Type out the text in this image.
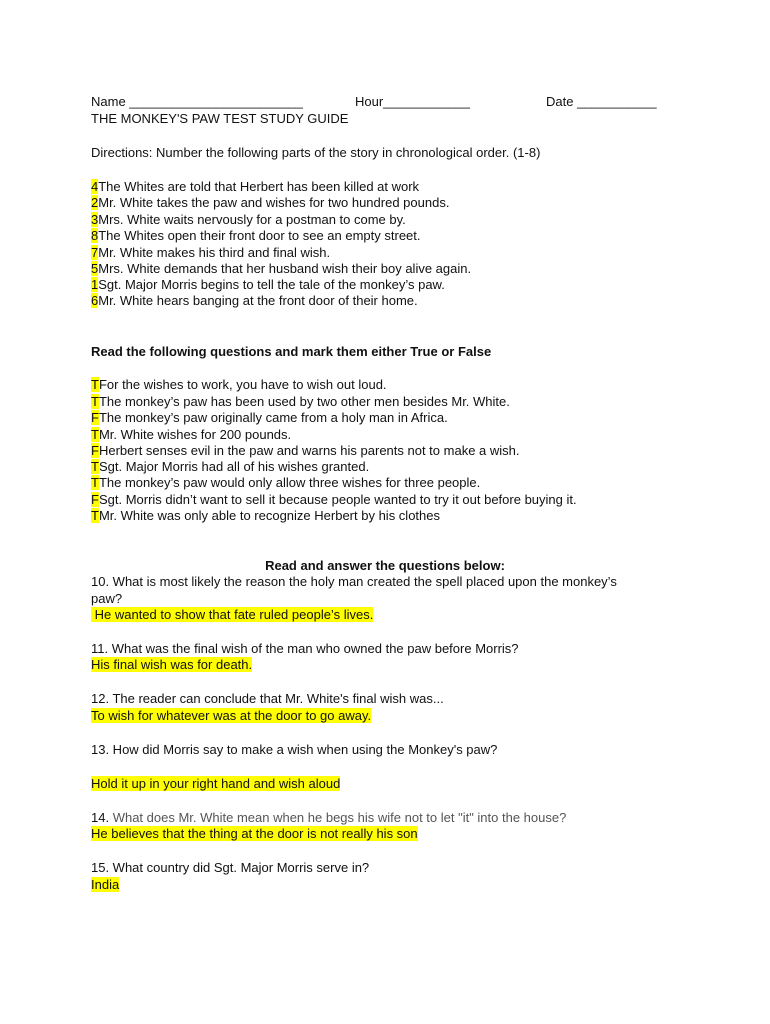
Name ________________________	Hour____________	Date ___________
THE MONKEY'S PAW TEST STUDY GUIDE
Directions: Number the following parts of the story in chronological order. (1-8)
4The Whites are told that Herbert has been killed at work
2Mr. White takes the paw and wishes for two hundred pounds.
3Mrs. White waits nervously for a postman to come by.
8The Whites open their front door to see an empty street.
7Mr. White makes his third and final wish.
5Mrs. White demands that her husband wish their boy alive again.
1Sgt. Major Morris begins to tell the tale of the monkey’s paw.
6Mr. White hears banging at the front door of their home.
Read the following questions and mark them either True or False
TFor the wishes to work, you have to wish out loud.
TThe monkey’s paw has been used by two other men besides Mr. White.
FThe monkey’s paw originally came from a holy man in Africa.
TMr. White wishes for 200 pounds.
FHerbert senses evil in the paw and warns his parents not to make a wish.
TSgt. Major Morris had all of his wishes granted.
TThe monkey’s paw would only allow three wishes for three people.
FSgt. Morris didn’t want to sell it because people wanted to try it out before buying it.
TMr. White was only able to recognize Herbert by his clothes
Read and answer the questions below:
10. What is most likely the reason the holy man created the spell placed upon the monkey’s
paw?
He wanted to show that fate ruled people’s lives.
11. What was the final wish of the man who owned the paw before Morris?
His final wish was for death.
12. The reader can conclude that Mr. White's final wish was...
To wish for whatever was at the door to go away.
13. How did Morris say to make a wish when using the Monkey's paw?
Hold it up in your right hand and wish aloud
14. What does Mr. White mean when he begs his wife not to let "it" into the house?
He believes that the thing at the door is not really his son
15. What country did Sgt. Major Morris serve in?
India
